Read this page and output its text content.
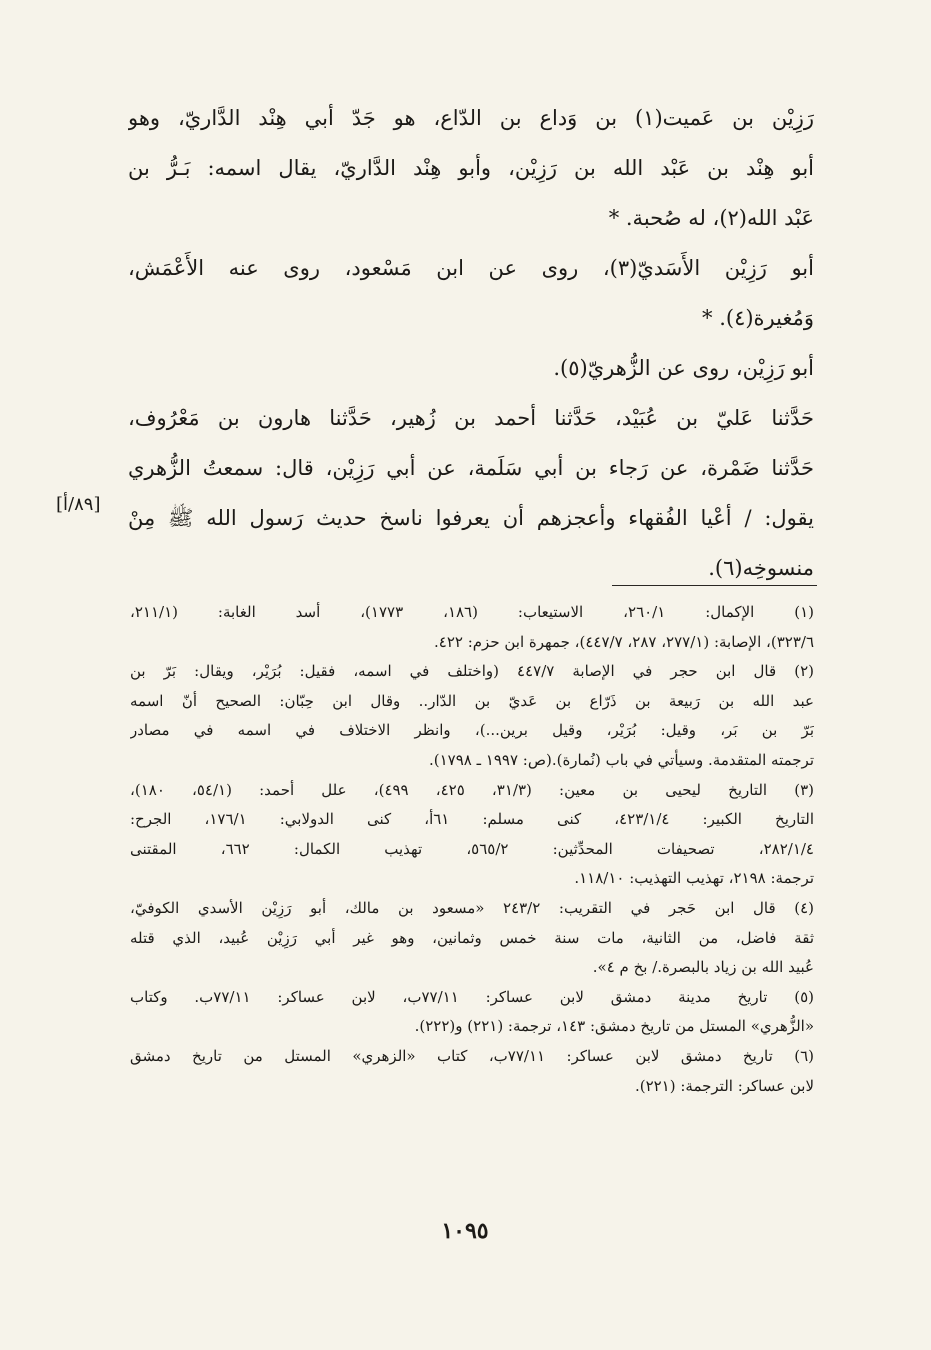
رَزِيْن بن عَميت(١) بن وَداع بن الدّاع، هو جَدّ أبي هِنْد الدَّاريّ، وهو
أبو هِنْد بن عَبْد الله بن رَزِيْن، وأبو هِنْد الدَّاريّ، يقال اسمه: بَـرُّ بن
عَبْد الله(٢)، له صُحبة. *
أبو رَزِيْن الأَسَديّ(٣)، روى عن ابن مَسْعود، روى عنه الأَعْمَش،
وَمُغيرة(٤). *
أبو رَزِيْن، روى عن الزُّهريّ(٥).
حَدَّثنا عَليّ بن عُبَيْد، حَدَّثنا أحمد بن زُهير، حَدَّثنا هارون بن مَعْرُوف،
حَدَّثنا ضَمْرة، عن رَجاء بن أبي سَلَمة، عن أبي رَزِيْن، قال: سمعتُ الزُّهري
يقول: / أعْيا الفُقهاء وأعجزهم أن يعرفوا ناسخ حديث رَسول الله ﷺ مِنْ
منسوخِه(٦).
[٨٩/أ]
(١) الإكمال: ٢٦٠/١، الاستيعاب: (١٨٦، ١٧٧٣)، أسد الغابة: (٢١١/١،
٣٢٣/٦)، الإصابة: (٢٧٧/١، ٢٨٧، ٤٤٧/٧)، جمهرة ابن حزم: ٤٢٢.
(٢) قال ابن حجر في الإصابة ٤٤٧/٧ (واختلف في اسمه، فقيل: بُرَيْر، ويقال: بَرّ بن
عبد الله بن رَبيعة بن ذَرّاع بن عَديّ بن الدّار.. وقال ابن حِبّان: الصحيح أنّ اسمه
بَرّ بن بَر، وقيل: بُرَيْر، وقيل برين...)، وانظر الاختلاف في اسمه في مصادر
ترجمته المتقدمة. وسيأتي في باب (نُمارة).(ص: ١٩٩٧ ـ ١٧٩٨).
(٣) التاريخ ليحيى بن معين: (٣١/٣، ٤٢٥، ٤٩٩)، علل أحمد: (٥٤/١، ١٨٠)،
التاريخ الكبير: ٤٢٣/١/٤، كنى مسلم: ٦١أ، كنى الدولابي: ١٧٦/١، الجرح:
٢٨٢/١/٤، تصحيفات المحدِّثين: ٥٦٥/٢، تهذيب الكمال: ٦٦٢، المقتنى
ترجمة: ٢١٩٨، تهذيب التهذيب: ١١٨/١٠.
(٤) قال ابن حَجر في التقريب: ٢٤٣/٢ «مسعود بن مالك، أبو رَزِيْن الأسدي الكوفيّ،
ثقة فاضل، من الثانية، مات سنة خمس وثمانين، وهو غير أبي رَزِيْن عُبيد، الذي قتله
عُبيد الله بن زياد بالبصرة./ بخ م ٤».
(٥) تاريخ مدينة دمشق لابن عساكر: ٧٧/١١ب، لابن عساكر: ٧٧/١١ب. وكتاب
«الزُّهري» المستل من تاريخ دمشق: ١٤٣، ترجمة: (٢٢١) و(٢٢٢).
(٦) تاريخ دمشق لابن عساكر: ٧٧/١١ب، كتاب «الزهري» المستل من تاريخ دمشق
لابن عساكر: الترجمة: (٢٢١).
١٠٩٥
